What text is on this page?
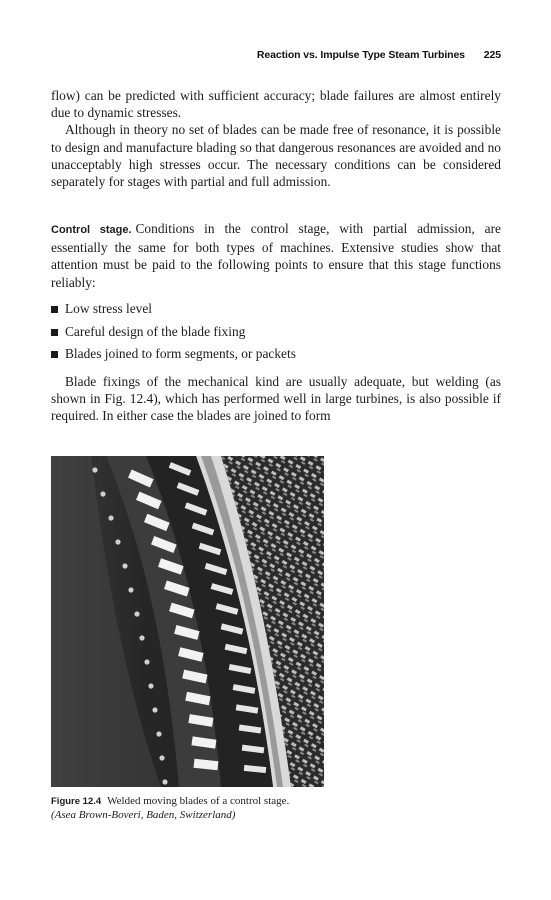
Reaction vs. Impulse Type Steam Turbines 225

flow) can be predicted with sufficient accuracy; blade failures are almost entirely due to dynamic stresses.

Although in theory no set of blades can be made free of resonance, it is possible to design and manufacture blading so that dangerous resonances are avoided and no unacceptably high stresses occur. The necessary conditions can be considered separately for stages with partial and full admission.

Control stage. Conditions in the control stage, with partial admission, are essentially the same for both types of machines. Extensive studies show that attention must be paid to the following points to ensure that this stage functions reliably:

Low stress level
Careful design of the blade fixing
Blades joined to form segments, or packets

Blade fixings of the mechanical kind are usually adequate, but welding (as shown in Fig. 12.4), which has performed well in large turbines, is also possible if required. In either case the blades are joined to form

Figure 12.4 Welded moving blades of a control stage.
(Asea Brown-Boveri, Baden, Switzerland)
